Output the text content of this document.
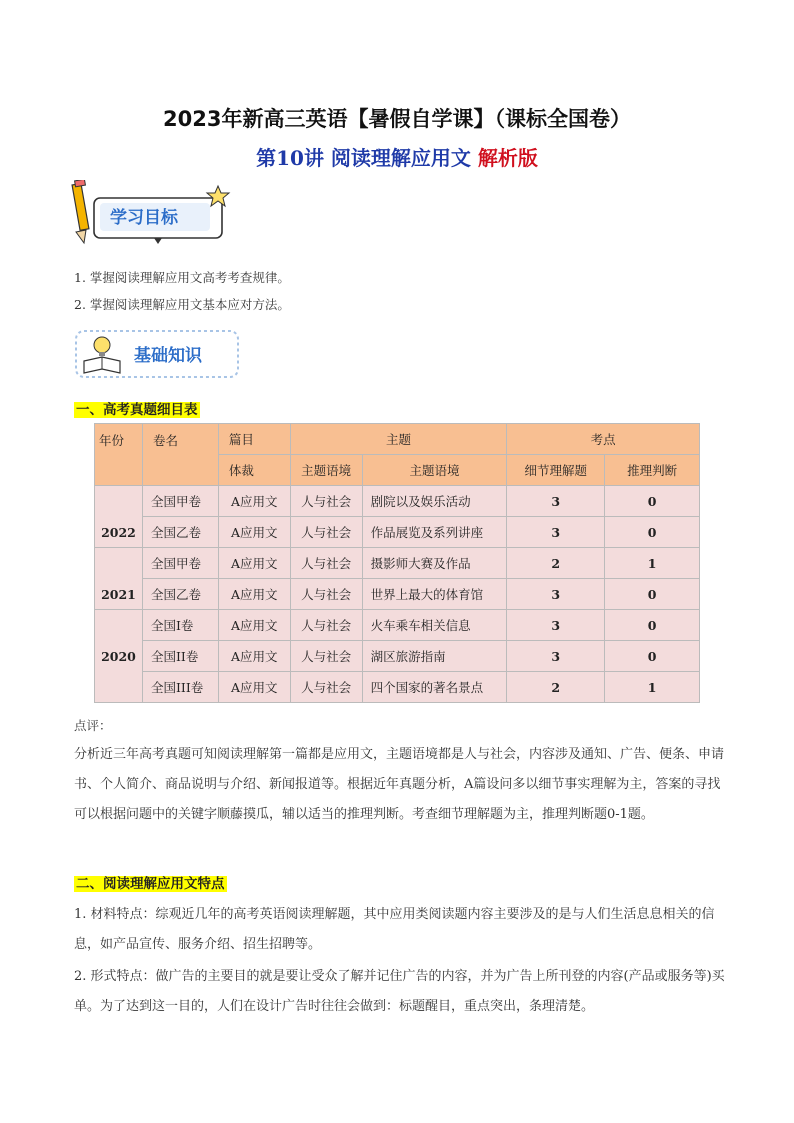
2023年新高三英语【暑假自学课】（课标全国卷）
第10讲 阅读理解应用文 解析版
学习目标
1. 掌握阅读理解应用文高考考查规律。
2. 掌握阅读理解应用文基本应对方法。
基础知识
一、高考真题细目表
年份	卷名	篇目	主题		考点	
		体裁	主题语境	主题语境	细节理解题	推理判断
2022	全国甲卷	A应用文	人与社会	剧院以及娱乐活动	3	0
	全国乙卷	A应用文	人与社会	作品展览及系列讲座	3	0
2021	全国甲卷	A应用文	人与社会	摄影师大赛及作品	2	1
	全国乙卷	A应用文	人与社会	世界上最大的体育馆	3	0
2020	全国I卷	A应用文	人与社会	火车乘车相关信息	3	0
	全国II卷	A应用文	人与社会	湖区旅游指南	3	0
	全国III卷	A应用文	人与社会	四个国家的著名景点	2	1
点评：
分析近三年高考真题可知阅读理解第一篇都是应用文，主题语境都是人与社会，内容涉及通知、广告、便条、申请书、个人简介、商品说明与介绍、新闻报道等。根据近年真题分析，A篇设问多以细节事实理解为主，答案的寻找可以根据问题中的关键字顺藤摸瓜，辅以适当的推理判断。考查细节理解题为主，推理判断题0-1题。
二、阅读理解应用文特点
1. 材料特点：综观近几年的高考英语阅读理解题，其中应用类阅读题内容主要涉及的是与人们生活息息相关的信息，如产品宣传、服务介绍、招生招聘等。
2. 形式特点：做广告的主要目的就是要让受众了解并记住广告的内容，并为广告上所刊登的内容(产品或服务等)买单。为了达到这一目的，人们在设计广告时往往会做到：标题醒目，重点突出，条理清楚。
